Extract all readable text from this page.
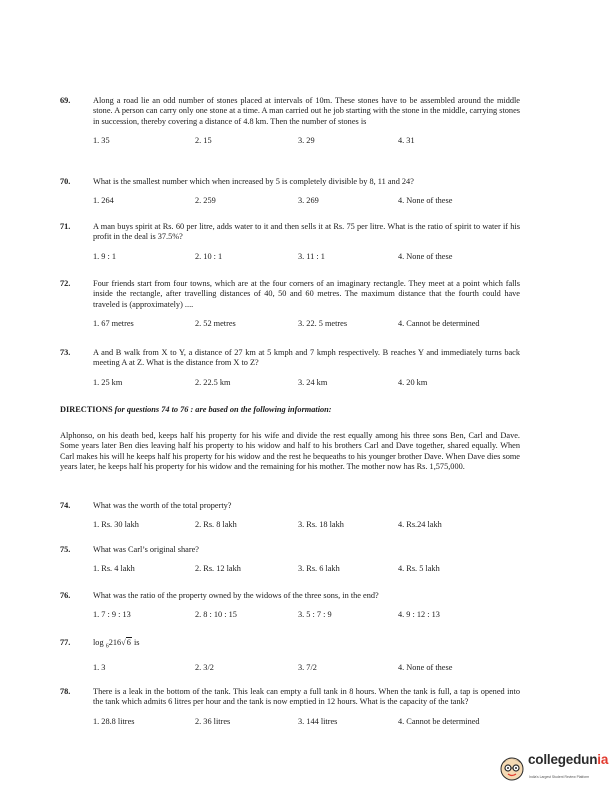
69.	Along a road lie an odd number of stones placed at intervals of 10m. These stones have to be assembled around the middle stone. A person can carry only one stone at a time. A man carried out he job starting with the stone in the middle, carrying stones in succession, thereby covering a distance of 4.8 km. Then the number of stones is
1. 35	2. 15	3. 29	4. 31
70.	What is the smallest number which when increased by 5 is completely divisible by 8, 11 and 24?
1. 264	2. 259	3. 269	4. None of these
71.	A man buys spirit at Rs. 60 per litre, adds water to it and then sells it at Rs. 75 per litre. What is the ratio of spirit to water if his profit in the deal is 37.5%?
1. 9 : 1	2. 10 : 1	3. 11 : 1	4. None of these
72.	Four friends start from four towns, which are at the four corners of an imaginary rectangle. They meet at a point which falls inside the rectangle, after travelling distances of 40, 50 and 60 metres. The maximum distance that the fourth could have traveled is (approximately) ....
1. 67 metres	2. 52 metres	3. 22. 5 metres	4. Cannot be determined
73.	A and B walk from X to Y, a distance of 27 km at 5 kmph and 7 kmph respectively. B reaches Y and immediately turns back meeting A at Z. What is the distance from X to Z?
1. 25 km	2. 22.5 km	3. 24 km	4. 20 km
DIRECTIONS for questions 74 to 76 : are based on the following information:
Alphonso, on his death bed, keeps half his property for his wife and divide the rest equally among his three sons Ben, Carl and Dave. Some years later Ben dies leaving half his property to his widow and half to his brothers Carl and Dave together, shared equally. When Carl makes his will he keeps half his property for his widow and the rest he bequeaths to his younger brother Dave. When Dave dies some years later, he keeps half his property for his widow and the remaining for his mother. The mother now has Rs. 1,575,000.
74.	What was the worth of the total property?
1. Rs. 30 lakh	2. Rs. 8 lakh	3. Rs. 18 lakh	4. Rs.24 lakh
75.	What was Carl’s original share?
1. Rs. 4 lakh	2. Rs. 12 lakh	3. Rs. 6 lakh	4. Rs. 5 lakh
76.	What was the ratio of the property owned by the widows of the three sons, in the end?
1. 7 : 9 : 13	2. 8 : 10 : 15	3. 5 : 7 : 9	4. 9 : 12 : 13
77.	log $_6$216√6 is
1. 3	2. 3/2	3. 7/2	4. None of these
78.	There is a leak in the bottom of the tank. This leak can empty a full tank in 8 hours. When the tank is full, a tap is opened into the tank which admits 6 litres per hour and the tank is now emptied in 12 hours. What is the capacity of the tank?
1. 28.8 litres	2. 36 litres	3. 144 litres	4. Cannot be determined
collegedunia
India's Largest Student Review Platform
